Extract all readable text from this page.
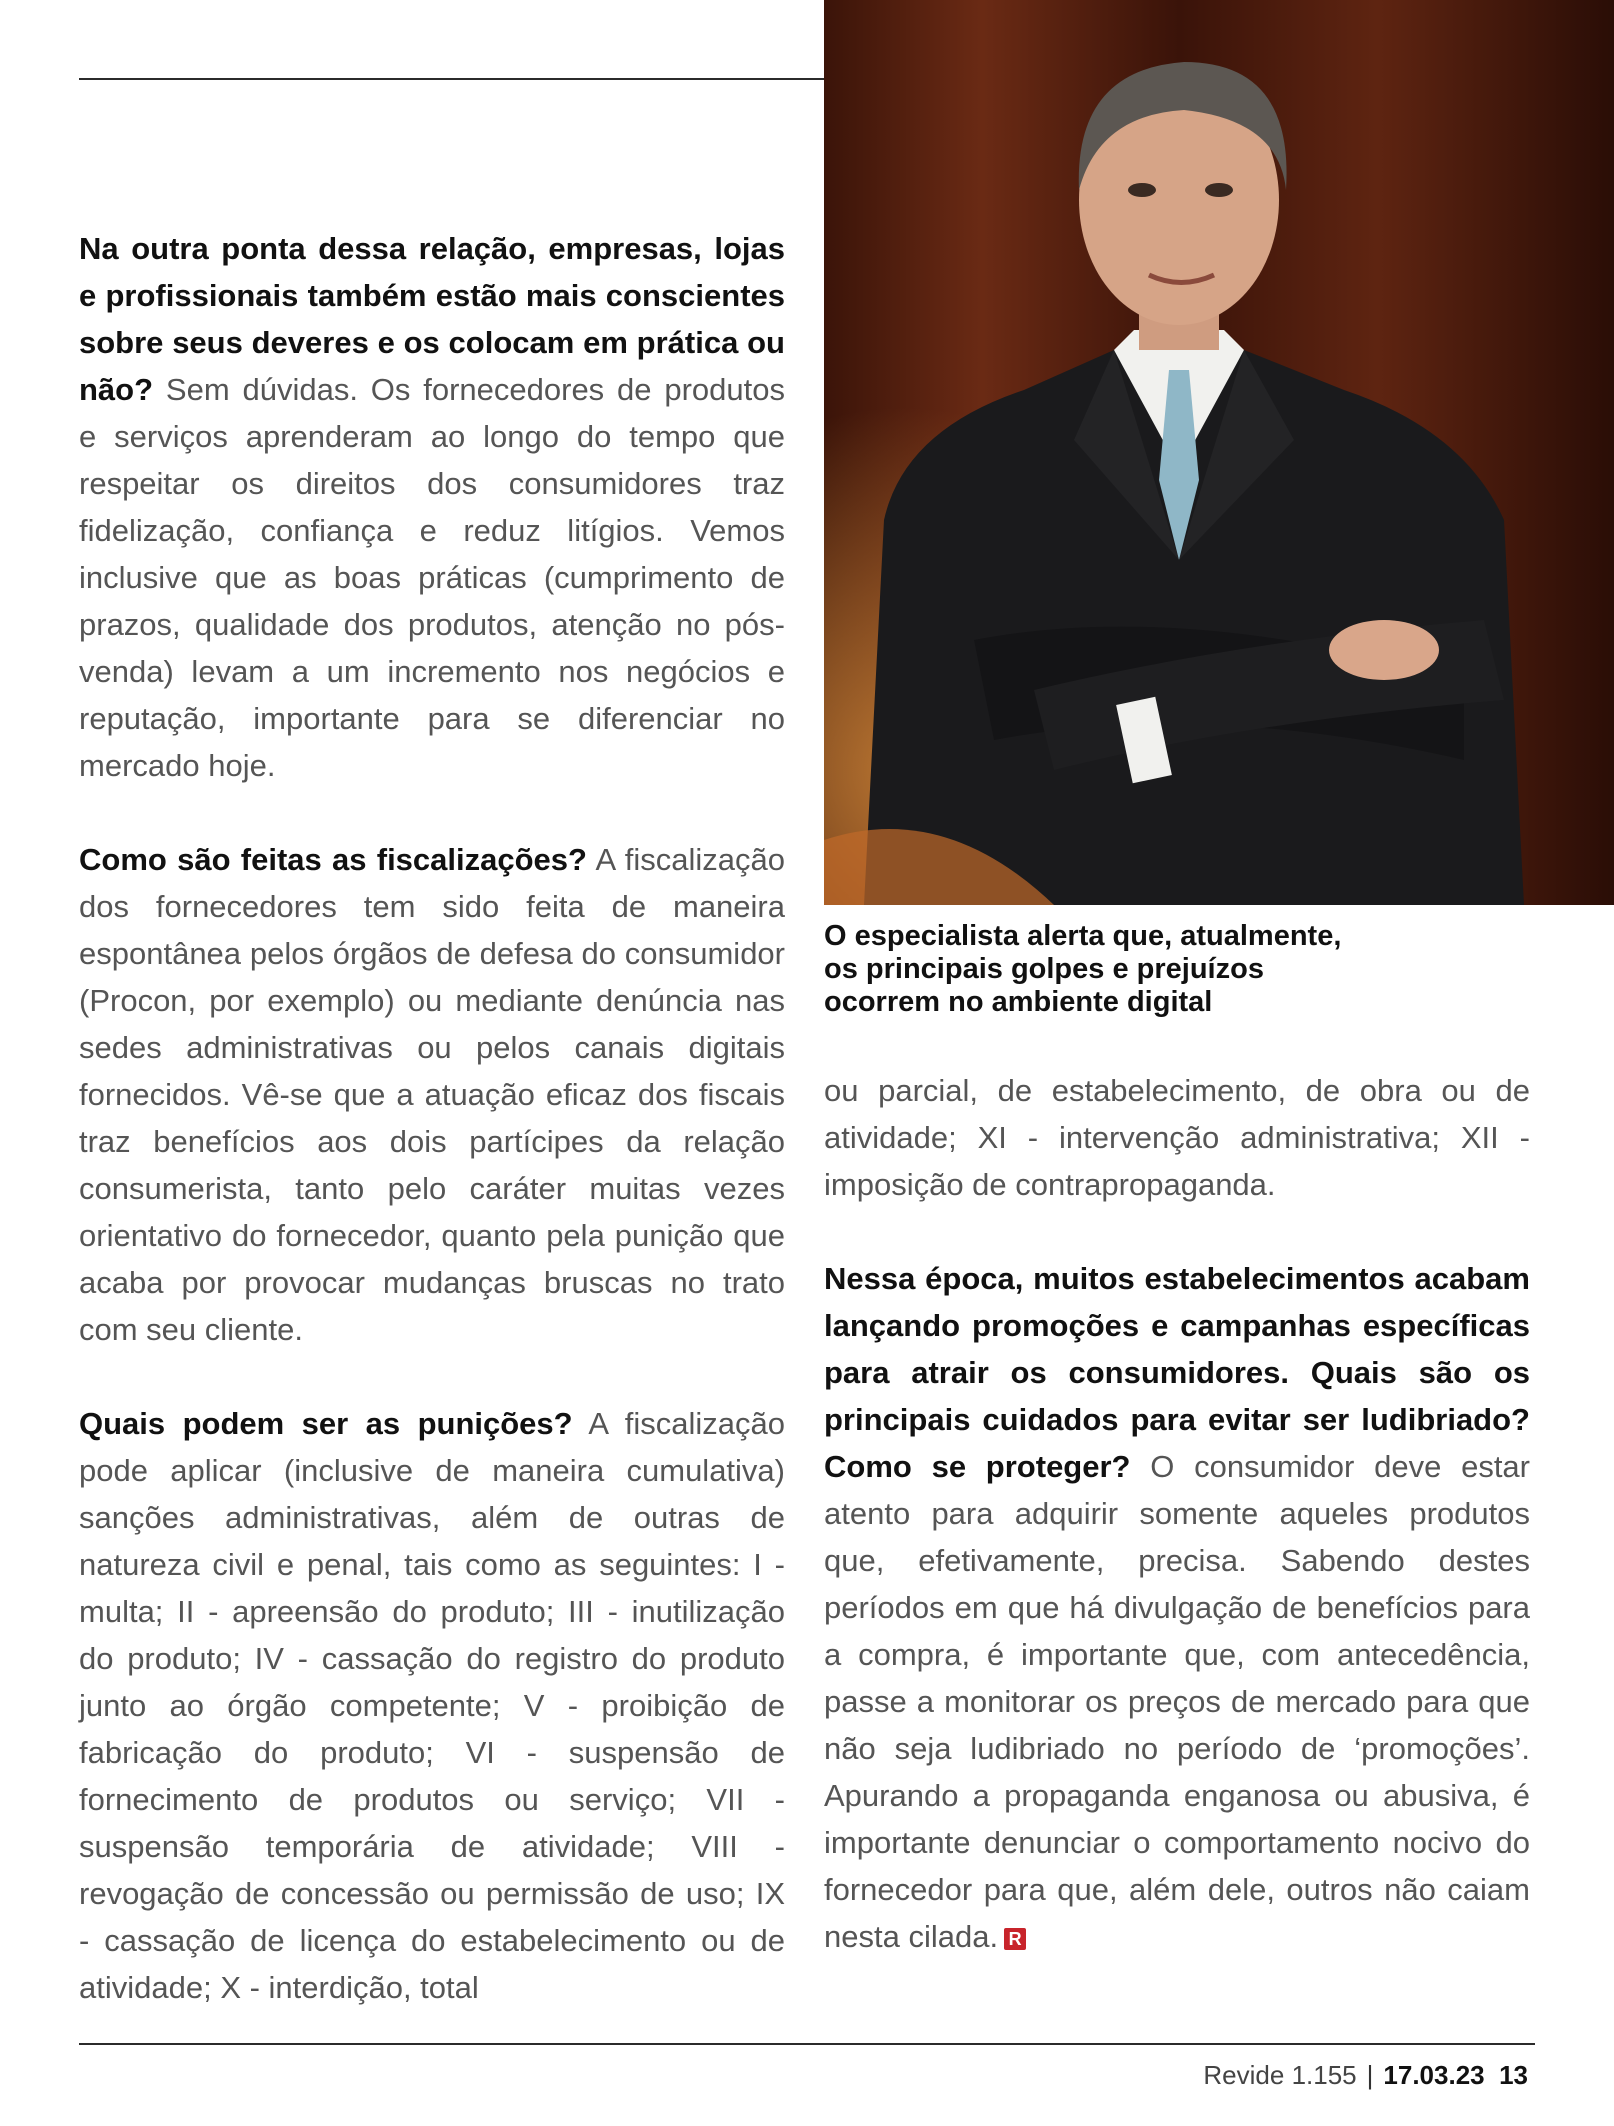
Na outra ponta dessa relação, empresas, lojas e profissionais também estão mais conscientes sobre seus deveres e os colocam em prática ou não? Sem dúvidas. Os fornecedores de produtos e serviços aprenderam ao longo do tempo que respeitar os direitos dos consumidores traz fidelização, confiança e reduz litígios. Vemos inclusive que as boas práticas (cumprimento de prazos, qualidade dos produtos, atenção no pós-venda) levam a um incremento nos negócios e reputação, importante para se diferenciar no mercado hoje.

Como são feitas as fiscalizações? A fiscalização dos fornecedores tem sido feita de maneira espontânea pelos órgãos de defesa do consumidor (Procon, por exemplo) ou mediante denúncia nas sedes administrativas ou pelos canais digitais fornecidos. Vê-se que a atuação eficaz dos fiscais traz benefícios aos dois partícipes da relação consumerista, tanto pelo caráter muitas vezes orientativo do fornecedor, quanto pela punição que acaba por provocar mudanças bruscas no trato com seu cliente.

Quais podem ser as punições? A fiscalização pode aplicar (inclusive de maneira cumulativa) sanções administrativas, além de outras de natureza civil e penal, tais como as seguintes: I - multa; II - apreensão do produto; III - inutilização do produto; IV - cassação do registro do produto junto ao órgão competente; V - proibição de fabricação do produto; VI - suspensão de fornecimento de produtos ou serviço; VII - suspensão temporária de atividade; VIII - revogação de concessão ou permissão de uso; IX - cassação de licença do estabelecimento ou de atividade; X - interdição, total

O especialista alerta que, atualmente,
os principais golpes e prejuízos
ocorrem no ambiente digital

ou parcial, de estabelecimento, de obra ou de atividade; XI - intervenção administrativa; XII - imposição de contrapropaganda.

Nessa época, muitos estabelecimentos acabam lançando promoções e campanhas específicas para atrair os consumidores. Quais são os principais cuidados para evitar ser ludibriado? Como se proteger? O consumidor deve estar atento para adquirir somente aqueles produtos que, efetivamente, precisa. Sabendo destes períodos em que há divulgação de benefícios para a compra, é importante que, com antecedência, passe a monitorar os preços de mercado para que não seja ludibriado no período de ‘promoções’. Apurando a propaganda enganosa ou abusiva, é importante denunciar o comportamento nocivo do fornecedor para que, além dele, outros não caiam nesta cilada. R

Revide 1.155 | 17.03.23 13
